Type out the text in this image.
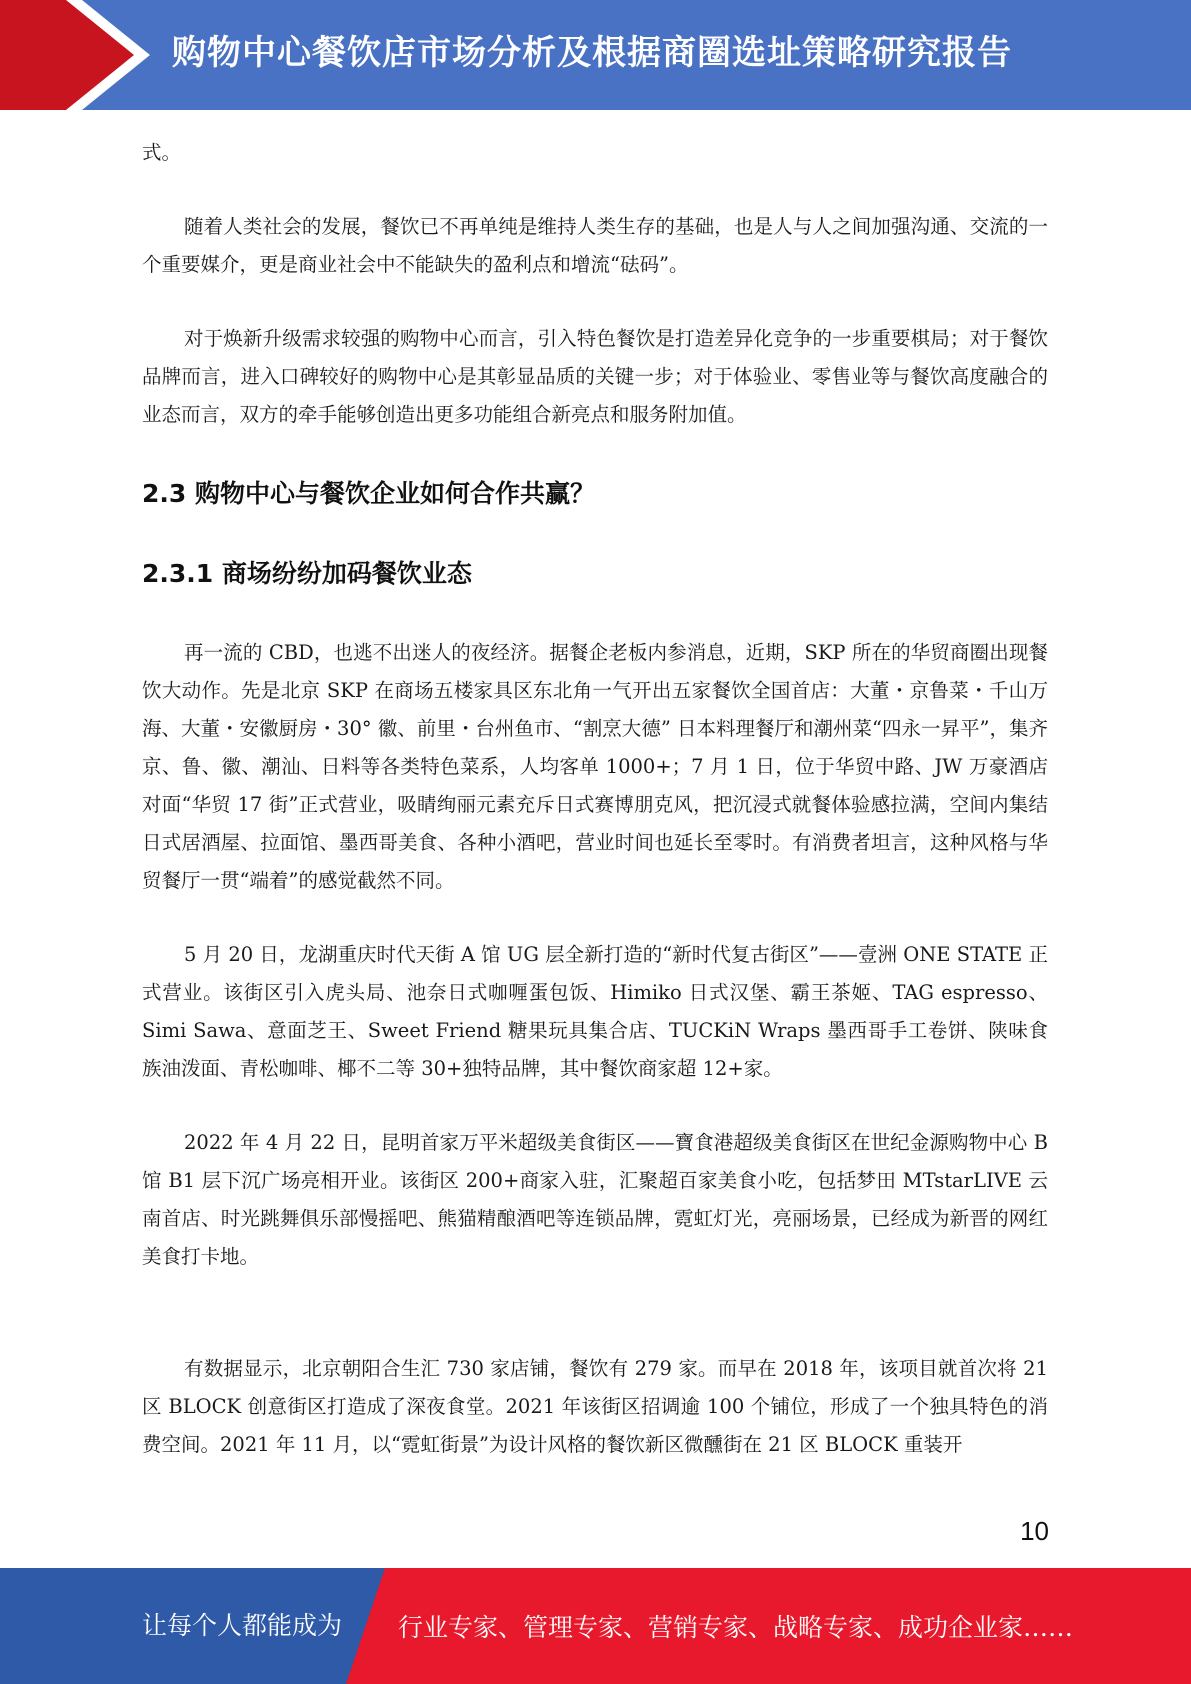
购物中心餐饮店市场分析及根据商圈选址策略研究报告

式。

随着人类社会的发展，餐饮已不再单纯是维持人类生存的基础，也是人与人之间加强沟通、交流的一个重要媒介，更是商业社会中不能缺失的盈利点和增流“砝码”。

对于焕新升级需求较强的购物中心而言，引入特色餐饮是打造差异化竞争的一步重要棋局；对于餐饮品牌而言，进入口碑较好的购物中心是其彰显品质的关键一步；对于体验业、零售业等与餐饮高度融合的业态而言，双方的牵手能够创造出更多功能组合新亮点和服务附加值。

2.3 购物中心与餐饮企业如何合作共赢？
2.3.1 商场纷纷加码餐饮业态

再一流的 CBD，也逃不出迷人的夜经济。据餐企老板内参消息，近期，SKP 所在的华贸商圈出现餐饮大动作。先是北京 SKP 在商场五楼家具区东北角一气开出五家餐饮全国首店：大董・京鲁菜・千山万海、大董・安徽厨房・30° 徽、前里・台州鱼市、“割烹大德” 日本料理餐厅和潮州菜“四永一昇平”，集齐京、鲁、徽、潮汕、日料等各类特色菜系，人均客单 1000+；7 月 1 日，位于华贸中路、JW 万豪酒店对面“华贸 17 街”正式营业，吸睛绚丽元素充斥日式赛博朋克风，把沉浸式就餐体验感拉满，空间内集结日式居酒屋、拉面馆、墨西哥美食、各种小酒吧，营业时间也延长至零时。有消费者坦言，这种风格与华贸餐厅一贯“端着”的感觉截然不同。

5 月 20 日，龙湖重庆时代天街 A 馆 UG 层全新打造的“新时代复古街区”——壹洲 ONE STATE 正式营业。该街区引入虎头局、池奈日式咖喱蛋包饭、Himiko 日式汉堡、霸王茶姬、TAG espresso、Simi Sawa、意面芝王、Sweet Friend 糖果玩具集合店、TUCKiN Wraps 墨西哥手工卷饼、陕味食族油泼面、青松咖啡、椰不二等 30+独特品牌，其中餐饮商家超 12+家。

2022 年 4 月 22 日，昆明首家万平米超级美食街区——寶食港超级美食街区在世纪金源购物中心 B 馆 B1 层下沉广场亮相开业。该街区 200+商家入驻，汇聚超百家美食小吃，包括梦田 MTstarLIVE 云南首店、时光跳舞俱乐部慢摇吧、熊猫精酿酒吧等连锁品牌，霓虹灯光，亮丽场景，已经成为新晋的网红美食打卡地。

有数据显示，北京朝阳合生汇 730 家店铺，餐饮有 279 家。而早在 2018 年，该项目就首次将 21 区 BLOCK 创意街区打造成了深夜食堂。2021 年该街区招调逾 100 个铺位，形成了一个独具特色的消费空间。2021 年 11 月，以“霓虹街景”为设计风格的餐饮新区微醺街在 21 区 BLOCK 重装开

10
让每个人都能成为 行业专家、管理专家、营销专家、战略专家、成功企业家……
